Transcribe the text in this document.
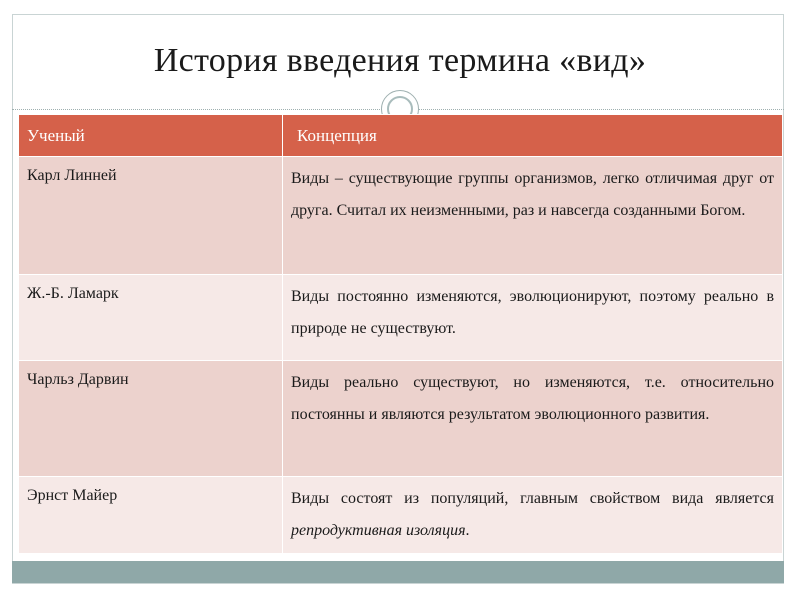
История введения термина «вид»
Ученый	Концепция
Карл Линней	Виды – существующие группы организмов, легко отличимая друг от друга. Считал их неизменными, раз и навсегда созданными Богом.
Ж.-Б. Ламарк	Виды постоянно изменяются, эволюционируют, поэтому реально в природе не существуют.
Чарльз Дарвин	Виды реально существуют, но изменяются, т.е. относительно постоянны и являются результатом эволюционного развития.
Эрнст Майер	Виды состоят из популяций, главным свойством вида является репродуктивная изоляция.
